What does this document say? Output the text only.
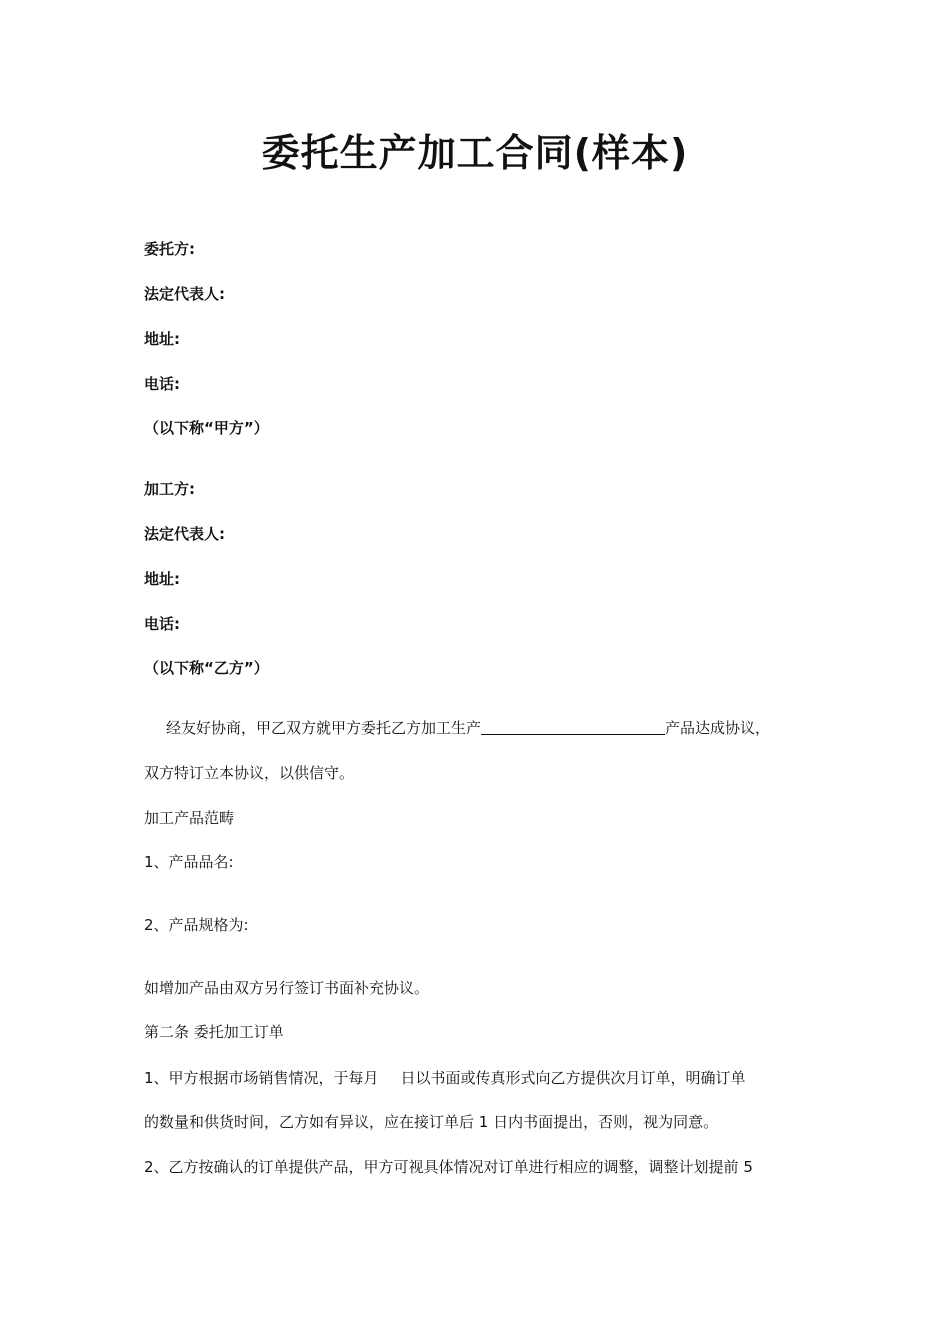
委托生产加工合同(样本)
委托方:
法定代表人:
地址:
电话:
（以下称“甲方”）
加工方:
法定代表人:
地址:
电话:
（以下称“乙方”）
经友好协商，甲乙双方就甲方委托乙方加工生产	产品达成协议，
双方特订立本协议，以供信守。
加工产品范畴
1、产品品名:
2、产品规格为:
如增加产品由双方另行签订书面补充协议。
第二条 委托加工订单
1、甲方根据市场销售情况，于每月 日以书面或传真形式向乙方提供次月订单，明确订单
的数量和供货时间，乙方如有异议，应在接订单后 1 日内书面提出，否则，视为同意。
2、乙方按确认的订单提供产品，甲方可视具体情况对订单进行相应的调整，调整计划提前 5
